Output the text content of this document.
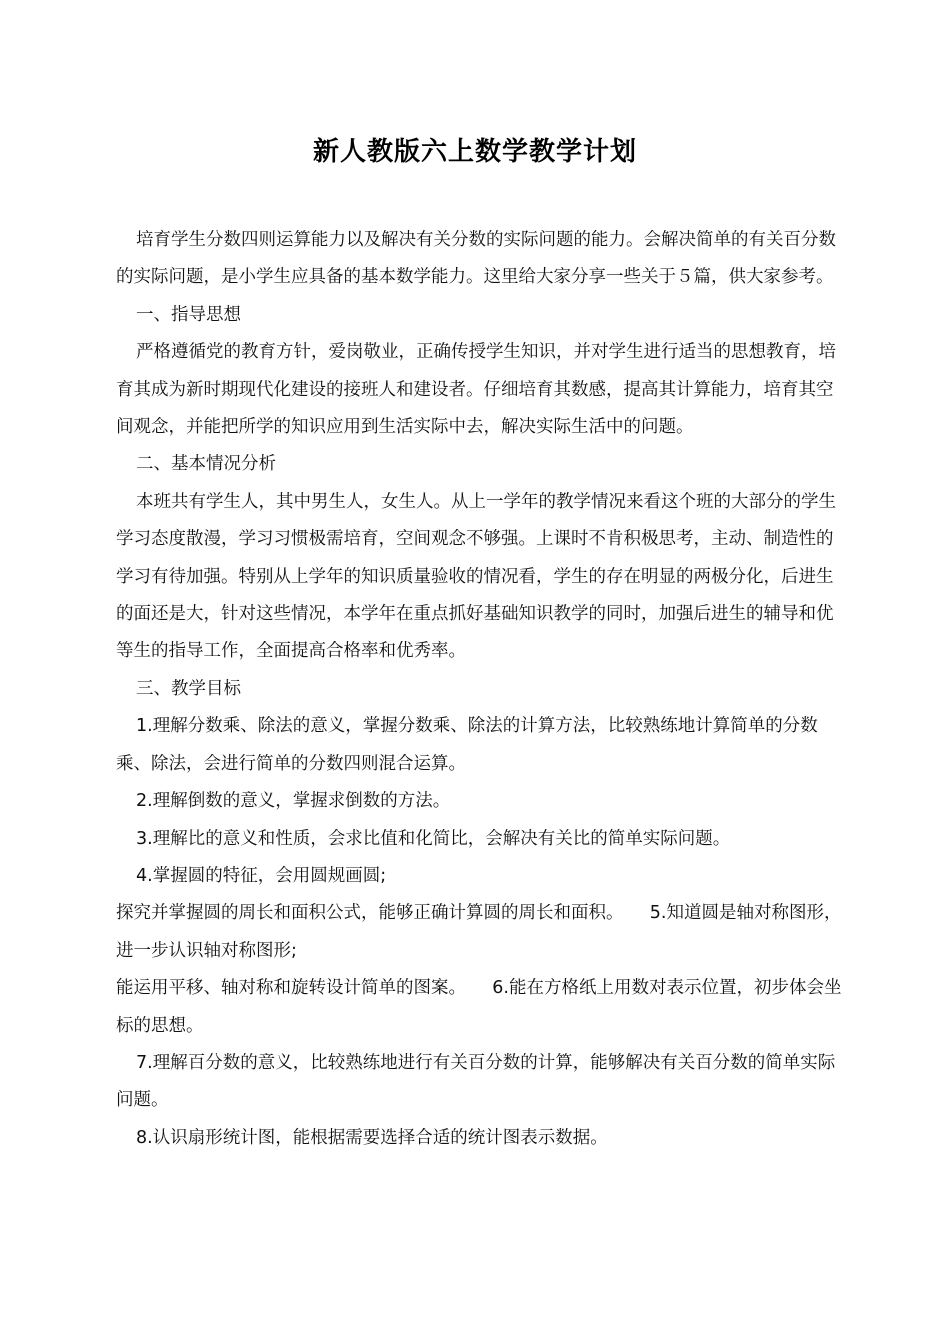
新人教版六上数学教学计划

培育学生分数四则运算能力以及解决有关分数的实际问题的能力。会解决简单的有关百分数的实际问题，是小学生应具备的基本数学能力。这里给大家分享一些关于５篇，供大家参考。

一、指导思想

严格遵循党的教育方针，爱岗敬业，正确传授学生知识，并对学生进行适当的思想教育，培育其成为新时期现代化建设的接班人和建设者。仔细培育其数感，提高其计算能力，培育其空间观念，并能把所学的知识应用到生活实际中去，解决实际生活中的问题。

二、基本情况分析

本班共有学生人，其中男生人，女生人。从上一学年的教学情况来看这个班的大部分的学生学习态度散漫，学习习惯极需培育，空间观念不够强。上课时不肯积极思考，主动、制造性的学习有待加强。特别从上学年的知识质量验收的情况看，学生的存在明显的两极分化，后进生的面还是大，针对这些情况，本学年在重点抓好基础知识教学的同时，加强后进生的辅导和优等生的指导工作，全面提高合格率和优秀率。

三、教学目标

1.理解分数乘、除法的意义，掌握分数乘、除法的计算方法，比较熟练地计算简单的分数乘、除法，会进行简单的分数四则混合运算。

2.理解倒数的意义，掌握求倒数的方法。

3.理解比的意义和性质，会求比值和化简比，会解决有关比的简单实际问题。

4.掌握圆的特征，会用圆规画圆;

探究并掌握圆的周长和面积公式，能够正确计算圆的周长和面积。　　5.知道圆是轴对称图形，进一步认识轴对称图形;

能运用平移、轴对称和旋转设计简单的图案。　　6.能在方格纸上用数对表示位置，初步体会坐标的思想。

7.理解百分数的意义，比较熟练地进行有关百分数的计算，能够解决有关百分数的简单实际问题。

8.认识扇形统计图，能根据需要选择合适的统计图表示数据。
